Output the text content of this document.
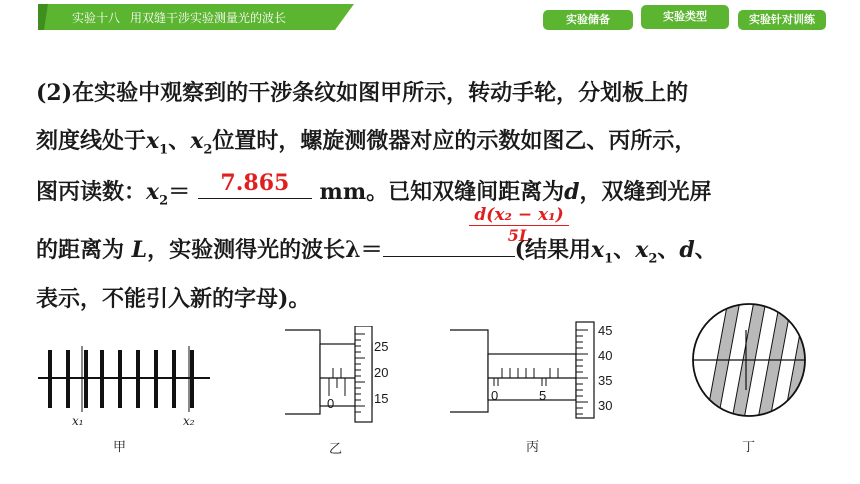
实验十八   用双缝干涉实验测量光的波长	实验储备	实验类型	实验针对训练
(2)在实验中观察到的干涉条纹如图甲所示，转动手轮，分划板上的
刻度线处于$x_1$、$x_2$位置时，螺旋测微器对应的示数如图乙、丙所示，
图丙读数：$x_2=$	7.865	mm。已知双缝间距离为d，双缝到光屏
d(x₂ − x₁)
5L
的距离为 L，实验测得光的波长λ＝	(结果用$x_1$、$x_2$、d、
表示，不能引入新的字母)。
x₁	x₂
甲
25
20
15
0
乙
45
40
35
30
0	5
丙	丁
